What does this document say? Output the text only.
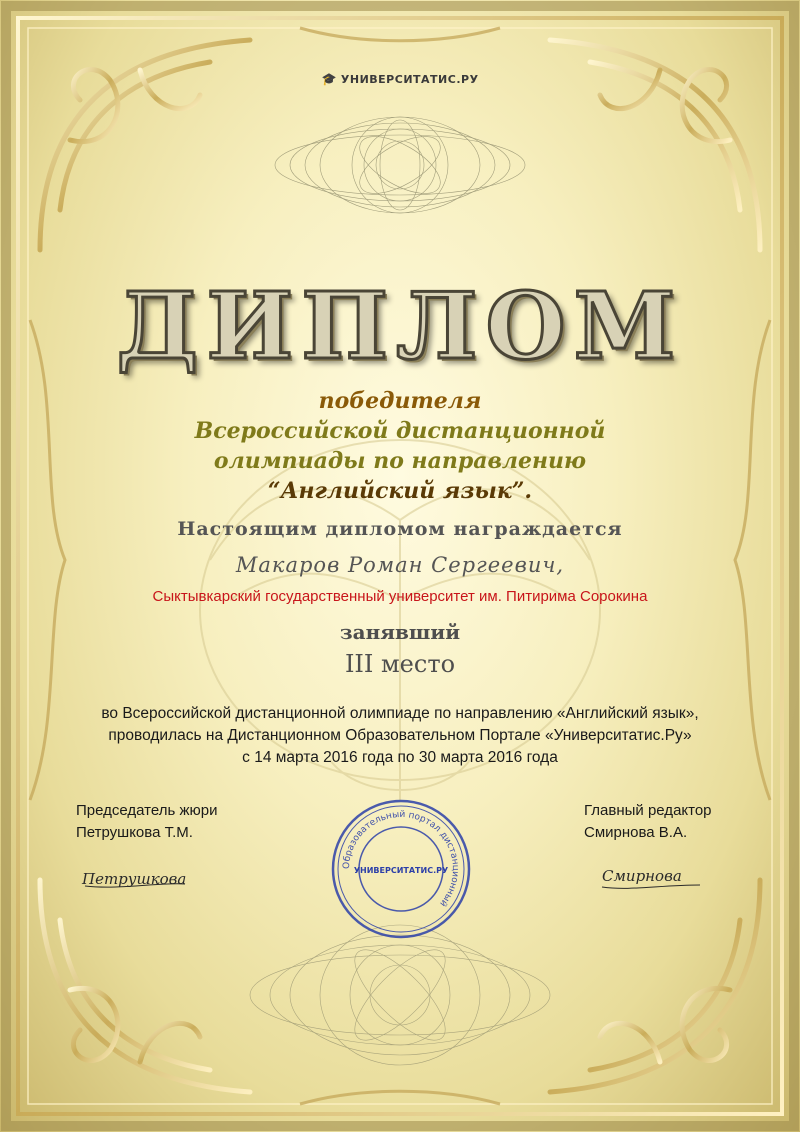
🎓 УНИВЕРСИТАТИС.РУ
ДИПЛОМ
победителя
Всероссийской дистанционной
олимпиады по направлению
“Английский язык”.
Настоящим дипломом награждается
Макаров Роман Сергеевич,
Сыктывкарский государственный университет им. Питирима Сорокина
занявший
III место
во Всероссийской дистанционной олимпиаде по направлению «Английский язык»,
проводилась на Дистанционном Образовательном Портале «Университатис.Ру»
с 14 марта 2016 года по 30 марта 2016 года
Председатель жюри
Петрушкова Т.М.
Петрушкова
Главный редактор
Смирнова В.А.
Смирнова
Образовательный портал дистанционный
УНИВЕРСИТАТИС.РУ
